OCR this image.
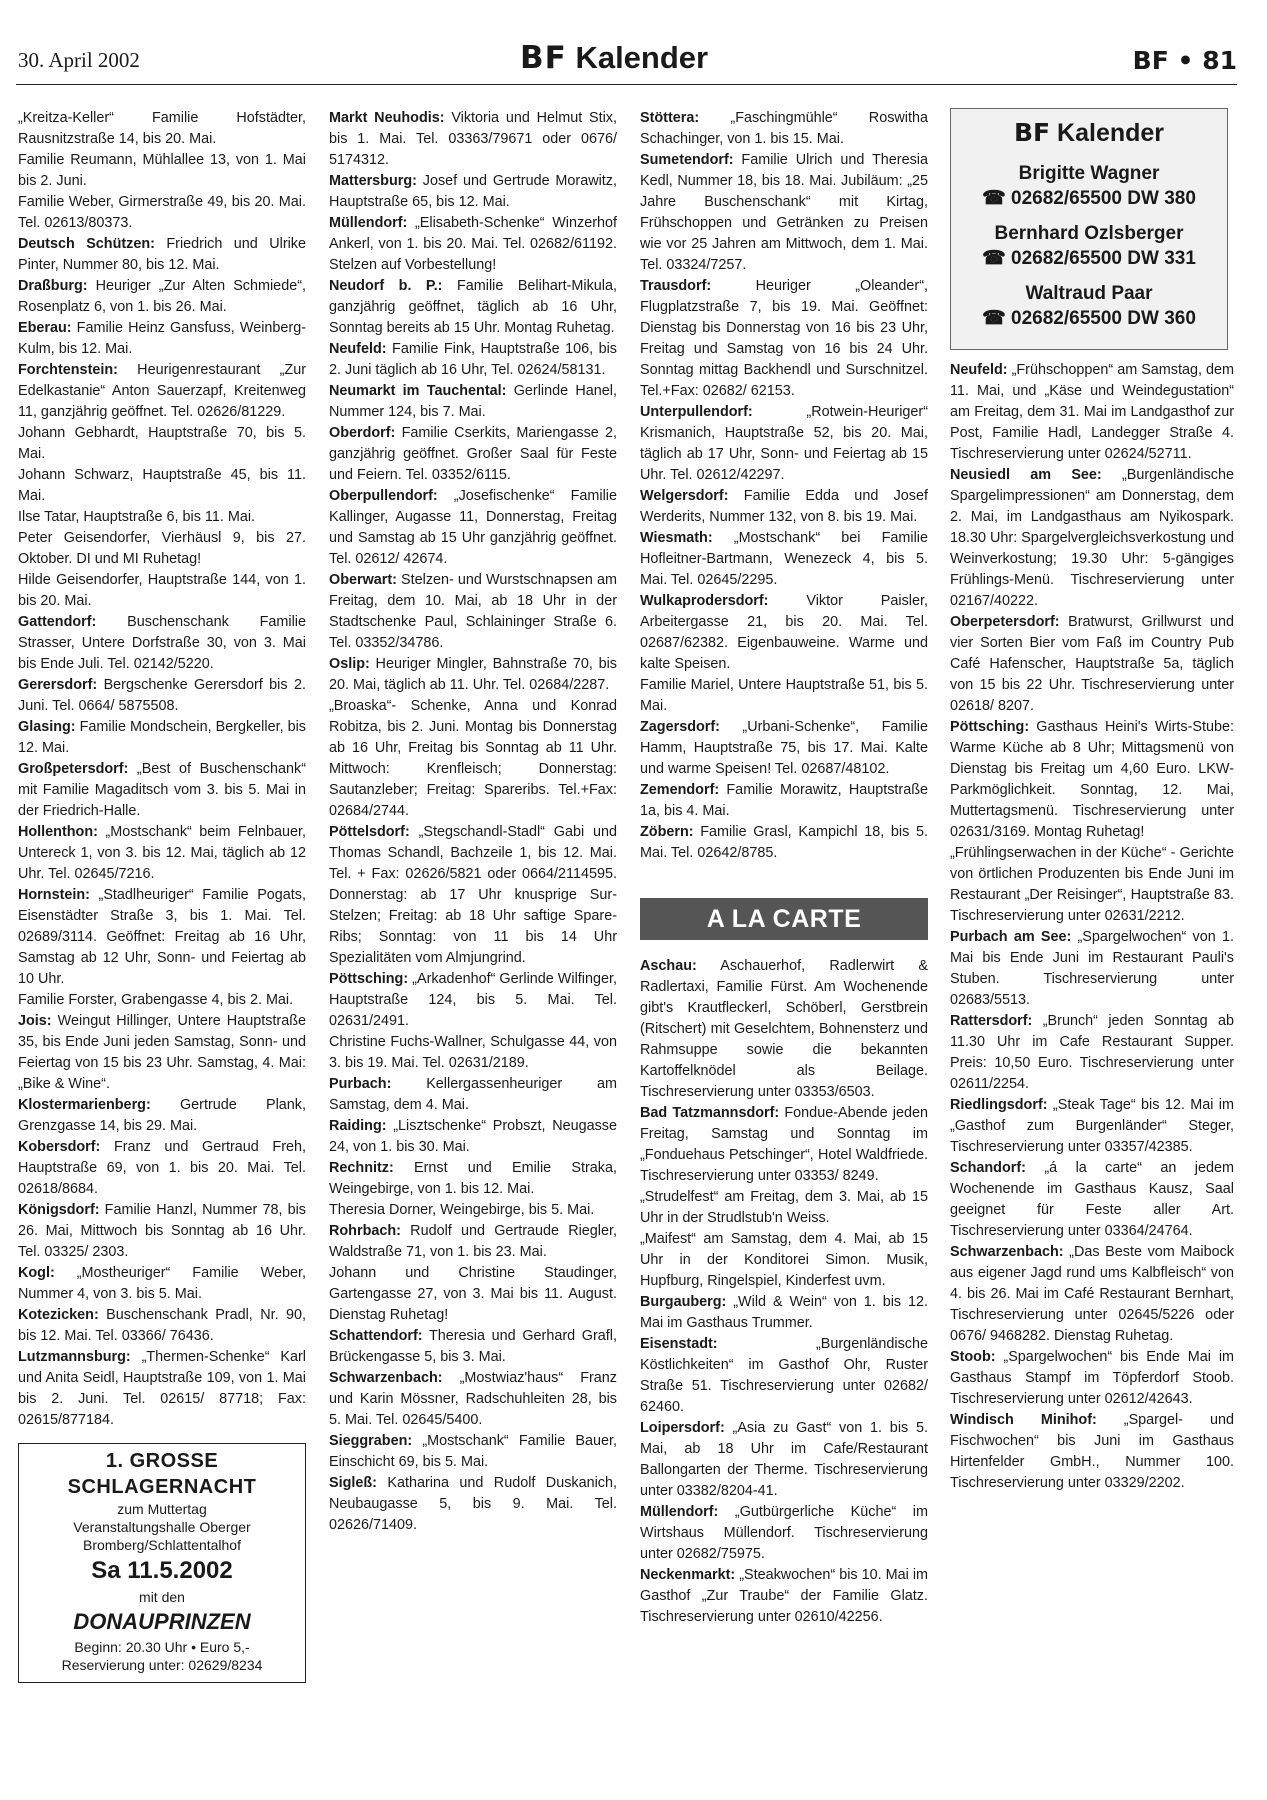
30. April 2002	BF Kalender	BF • 81

„Kreitza-Keller“ Familie Hofstädter, Rausnitzstraße 14, bis 20. Mai.

Familie Reumann, Mühlallee 13, von 1. Mai bis 2. Juni.

Familie Weber, Girmerstraße 49, bis 20. Mai. Tel. 02613/80373.

Deutsch Schützen: Friedrich und Ulrike Pinter, Nummer 80, bis 12. Mai.

Draßburg: Heuriger „Zur Alten Schmiede“, Rosenplatz 6, von 1. bis 26. Mai.

Eberau: Familie Heinz Gansfuss, Weinberg-Kulm, bis 12. Mai.

Forchtenstein: Heurigenrestaurant „Zur Edelkastanie“ Anton Sauerzapf, Kreitenweg 11, ganzjährig geöffnet. Tel. 02626/81229.

Johann Gebhardt, Hauptstraße 70, bis 5. Mai.

Johann Schwarz, Hauptstraße 45, bis 11. Mai.

Ilse Tatar, Hauptstraße 6, bis 11. Mai.

Peter Geisendorfer, Vierhäusl 9, bis 27. Oktober. DI und MI Ruhetag!

Hilde Geisendorfer, Hauptstraße 144, von 1. bis 20. Mai.

Gattendorf: Buschenschank Familie Strasser, Untere Dorfstraße 30, von 3. Mai bis Ende Juli. Tel. 02142/5220.

Gerersdorf: Bergschenke Gerersdorf bis 2. Juni. Tel. 0664/ 5875508.

Glasing: Familie Mondschein, Bergkeller, bis 12. Mai.

Großpetersdorf: „Best of Buschenschank“ mit Familie Magaditsch vom 3. bis 5. Mai in der Friedrich-Halle.

Hollenthon: „Mostschank“ beim Felnbauer, Untereck 1, von 3. bis 12. Mai, täglich ab 12 Uhr. Tel. 02645/7216.

Hornstein: „Stadlheuriger“ Familie Pogats, Eisenstädter Straße 3, bis 1. Mai. Tel. 02689/3114. Geöffnet: Freitag ab 16 Uhr, Samstag ab 12 Uhr, Sonn- und Feiertag ab 10 Uhr.

Familie Forster, Grabengasse 4, bis 2. Mai.

Jois: Weingut Hillinger, Untere Hauptstraße 35, bis Ende Juni jeden Samstag, Sonn- und Feiertag von 15 bis 23 Uhr. Samstag, 4. Mai: „Bike & Wine“.

Klostermarienberg: Gertrude Plank, Grenzgasse 14, bis 29. Mai.

Kobersdorf: Franz und Gertraud Freh, Hauptstraße 69, von 1. bis 20. Mai. Tel. 02618/8684.

Königsdorf: Familie Hanzl, Nummer 78, bis 26. Mai, Mittwoch bis Sonntag ab 16 Uhr. Tel. 03325/ 2303.

Kogl: „Mostheuriger“ Familie Weber, Nummer 4, von 3. bis 5. Mai.

Kotezicken: Buschenschank Pradl, Nr. 90, bis 12. Mai. Tel. 03366/ 76436.

Lutzmannsburg: „Thermen-Schenke“ Karl und Anita Seidl, Hauptstraße 109, von 1. Mai bis 2. Juni. Tel. 02615/ 87718; Fax: 02615/877184.

1. GROSSE SCHLAGERNACHT
zum Muttertag
Veranstaltungshalle Oberger
Bromberg/Schlattentalhof
Sa 11.5.2002
mit den
DONAUPRINZEN
Beginn: 20.30 Uhr • Euro 5,-
Reservierung unter: 02629/8234

Markt Neuhodis: Viktoria und Helmut Stix, bis 1. Mai. Tel. 03363/79671 oder 0676/ 5174312.

Mattersburg: Josef und Gertrude Morawitz, Hauptstraße 65, bis 12. Mai.

Müllendorf: „Elisabeth-Schenke“ Winzerhof Ankerl, von 1. bis 20. Mai. Tel. 02682/61192. Stelzen auf Vorbestellung!

Neudorf b. P.: Familie Belihart-Mikula, ganzjährig geöffnet, täglich ab 16 Uhr, Sonntag bereits ab 15 Uhr. Montag Ruhetag.

Neufeld: Familie Fink, Hauptstraße 106, bis 2. Juni täglich ab 16 Uhr, Tel. 02624/58131.

Neumarkt im Tauchental: Gerlinde Hanel, Nummer 124, bis 7. Mai.

Oberdorf: Familie Cserkits, Mariengasse 2, ganzjährig geöffnet. Großer Saal für Feste und Feiern. Tel. 03352/6115.

Oberpullendorf: „Josefischenke“ Familie Kallinger, Augasse 11, Donnerstag, Freitag und Samstag ab 15 Uhr ganzjährig geöffnet. Tel. 02612/ 42674.

Oberwart: Stelzen- und Wurstschnapsen am Freitag, dem 10. Mai, ab 18 Uhr in der Stadtschenke Paul, Schlaininger Straße 6. Tel. 03352/34786.

Oslip: Heuriger Mingler, Bahnstraße 70, bis 20. Mai, täglich ab 11. Uhr. Tel. 02684/2287.

„Broaska“- Schenke, Anna und Konrad Robitza, bis 2. Juni. Montag bis Donnerstag ab 16 Uhr, Freitag bis Sonntag ab 11 Uhr. Mittwoch: Krenfleisch; Donnerstag: Sautanzleber; Freitag: Spareribs. Tel.+Fax: 02684/2744.

Pöttelsdorf: „Stegschandl-Stadl“ Gabi und Thomas Schandl, Bachzeile 1, bis 12. Mai. Tel. + Fax: 02626/5821 oder 0664/2114595. Donnerstag: ab 17 Uhr knusprige Sur-Stelzen; Freitag: ab 18 Uhr saftige Spare-Ribs; Sonntag: von 11 bis 14 Uhr Spezialitäten vom Almjungrind.

Pöttsching: „Arkadenhof“ Gerlinde Wilfinger, Hauptstraße 124, bis 5. Mai. Tel. 02631/2491.

Christine Fuchs-Wallner, Schulgasse 44, von 3. bis 19. Mai. Tel. 02631/2189.

Purbach: Kellergassenheuriger am Samstag, dem 4. Mai.

Raiding: „Lisztschenke“ Probszt, Neugasse 24, von 1. bis 30. Mai.

Rechnitz: Ernst und Emilie Straka, Weingebirge, von 1. bis 12. Mai.

Theresia Dorner, Weingebirge, bis 5. Mai.

Rohrbach: Rudolf und Gertraude Riegler, Waldstraße 71, von 1. bis 23. Mai.

Johann und Christine Staudinger, Gartengasse 27, von 3. Mai bis 11. August. Dienstag Ruhetag!

Schattendorf: Theresia und Gerhard Grafl, Brückengasse 5, bis 3. Mai.

Schwarzenbach: „Mostwiaz'haus“ Franz und Karin Mössner, Radschuhleiten 28, bis 5. Mai. Tel. 02645/5400.

Sieggraben: „Mostschank“ Familie Bauer, Einschicht 69, bis 5. Mai.

Sigleß: Katharina und Rudolf Duskanich, Neubaugasse 5, bis 9. Mai. Tel. 02626/71409.

Stöttera: „Faschingmühle“ Roswitha Schachinger, von 1. bis 15. Mai.

Sumetendorf: Familie Ulrich und Theresia Kedl, Nummer 18, bis 18. Mai. Jubiläum: „25 Jahre Buschenschank“ mit Kirtag, Frühschoppen und Getränken zu Preisen wie vor 25 Jahren am Mittwoch, dem 1. Mai. Tel. 03324/7257.

Trausdorf: Heuriger „Oleander“, Flugplatzstraße 7, bis 19. Mai. Geöffnet: Dienstag bis Donnerstag von 16 bis 23 Uhr, Freitag und Samstag von 16 bis 24 Uhr. Sonntag mittag Backhendl und Surschnitzel. Tel.+Fax: 02682/ 62153.

Unterpullendorf: „Rotwein-Heuriger“ Krismanich, Hauptstraße 52, bis 20. Mai, täglich ab 17 Uhr, Sonn- und Feiertag ab 15 Uhr. Tel. 02612/42297.

Welgersdorf: Familie Edda und Josef Werderits, Nummer 132, von 8. bis 19. Mai.

Wiesmath: „Mostschank“ bei Familie Hofleitner-Bartmann, Wenezeck 4, bis 5. Mai. Tel. 02645/2295.

Wulkaprodersdorf: Viktor Paisler, Arbeitergasse 21, bis 20. Mai. Tel. 02687/62382. Eigenbauweine. Warme und kalte Speisen.

Familie Mariel, Untere Hauptstraße 51, bis 5. Mai.

Zagersdorf: „Urbani-Schenke“, Familie Hamm, Hauptstraße 75, bis 17. Mai. Kalte und warme Speisen! Tel. 02687/48102.

Zemendorf: Familie Morawitz, Hauptstraße 1a, bis 4. Mai.

Zöbern: Familie Grasl, Kampichl 18, bis 5. Mai. Tel. 02642/8785.

A LA CARTE

Aschau: Aschauerhof, Radlerwirt & Radlertaxi, Familie Fürst. Am Wochenende gibt's Krautfleckerl, Schöberl, Gerstbrein (Ritschert) mit Geselchtem, Bohnensterz und Rahmsuppe sowie die bekannten Kartoffelknödel als Beilage. Tischreservierung unter 03353/6503.

Bad Tatzmannsdorf: Fondue-Abende jeden Freitag, Samstag und Sonntag im „Fonduehaus Petschinger“, Hotel Waldfriede. Tischreservierung unter 03353/ 8249.

„Strudelfest“ am Freitag, dem 3. Mai, ab 15 Uhr in der Strudlstub'n Weiss.

„Maifest“ am Samstag, dem 4. Mai, ab 15 Uhr in der Konditorei Simon. Musik, Hupfburg, Ringelspiel, Kinderfest uvm.

Burgauberg: „Wild & Wein“ von 1. bis 12. Mai im Gasthaus Trummer.

Eisenstadt: „Burgenländische Köstlichkeiten“ im Gasthof Ohr, Ruster Straße 51. Tischreservierung unter 02682/ 62460.

Loipersdorf: „Asia zu Gast“ von 1. bis 5. Mai, ab 18 Uhr im Cafe/Restaurant Ballongarten der Therme. Tischreservierung unter 03382/8204-41.

Müllendorf: „Gutbürgerliche Küche“ im Wirtshaus Müllendorf. Tischreservierung unter 02682/75975.

Neckenmarkt: „Steakwochen“ bis 10. Mai im Gasthof „Zur Traube“ der Familie Glatz. Tischreservierung unter 02610/42256.

BF Kalender
Brigitte Wagner
☎ 02682/65500 DW 380
Bernhard Ozlsberger
☎ 02682/65500 DW 331
Waltraud Paar
☎ 02682/65500 DW 360

Neufeld: „Frühschoppen“ am Samstag, dem 11. Mai, und „Käse und Weindegustation“ am Freitag, dem 31. Mai im Landgasthof zur Post, Familie Hadl, Landegger Straße 4. Tischreservierung unter 02624/52711.

Neusiedl am See: „Burgenländische Spargelimpressionen“ am Donnerstag, dem 2. Mai, im Landgasthaus am Nyikospark. 18.30 Uhr: Spargelvergleichsverkostung und Weinverkostung; 19.30 Uhr: 5-gängiges Frühlings-Menü. Tischreservierung unter 02167/40222.

Oberpetersdorf: Bratwurst, Grillwurst und vier Sorten Bier vom Faß im Country Pub Café Hafenscher, Hauptstraße 5a, täglich von 15 bis 22 Uhr. Tischreservierung unter 02618/ 8207.

Pöttsching: Gasthaus Heini's Wirts-Stube: Warme Küche ab 8 Uhr; Mittagsmenü von Dienstag bis Freitag um 4,60 Euro. LKW-Parkmöglichkeit. Sonntag, 12. Mai, Muttertagsmenü. Tischreservierung unter 02631/3169. Montag Ruhetag!

„Frühlingserwachen in der Küche“ - Gerichte von örtlichen Produzenten bis Ende Juni im Restaurant „Der Reisinger“, Hauptstraße 83. Tischreservierung unter 02631/2212.

Purbach am See: „Spargelwochen“ von 1. Mai bis Ende Juni im Restaurant Pauli's Stuben. Tischreservierung unter 02683/5513.

Rattersdorf: „Brunch“ jeden Sonntag ab 11.30 Uhr im Cafe Restaurant Supper. Preis: 10,50 Euro. Tischreservierung unter 02611/2254.

Riedlingsdorf: „Steak Tage“ bis 12. Mai im „Gasthof zum Burgenländer“ Steger, Tischreservierung unter 03357/42385.

Schandorf: „á la carte“ an jedem Wochenende im Gasthaus Kausz, Saal geeignet für Feste aller Art. Tischreservierung unter 03364/24764.

Schwarzenbach: „Das Beste vom Maibock aus eigener Jagd rund ums Kalbfleisch“ von 4. bis 26. Mai im Café Restaurant Bernhart, Tischreservierung unter 02645/5226 oder 0676/ 9468282. Dienstag Ruhetag.

Stoob: „Spargelwochen“ bis Ende Mai im Gasthaus Stampf im Töpferdorf Stoob. Tischreservierung unter 02612/42643.

Windisch Minihof: „Spargel- und Fischwochen“ bis Juni im Gasthaus Hirtenfelder GmbH., Nummer 100. Tischreservierung unter 03329/2202.
